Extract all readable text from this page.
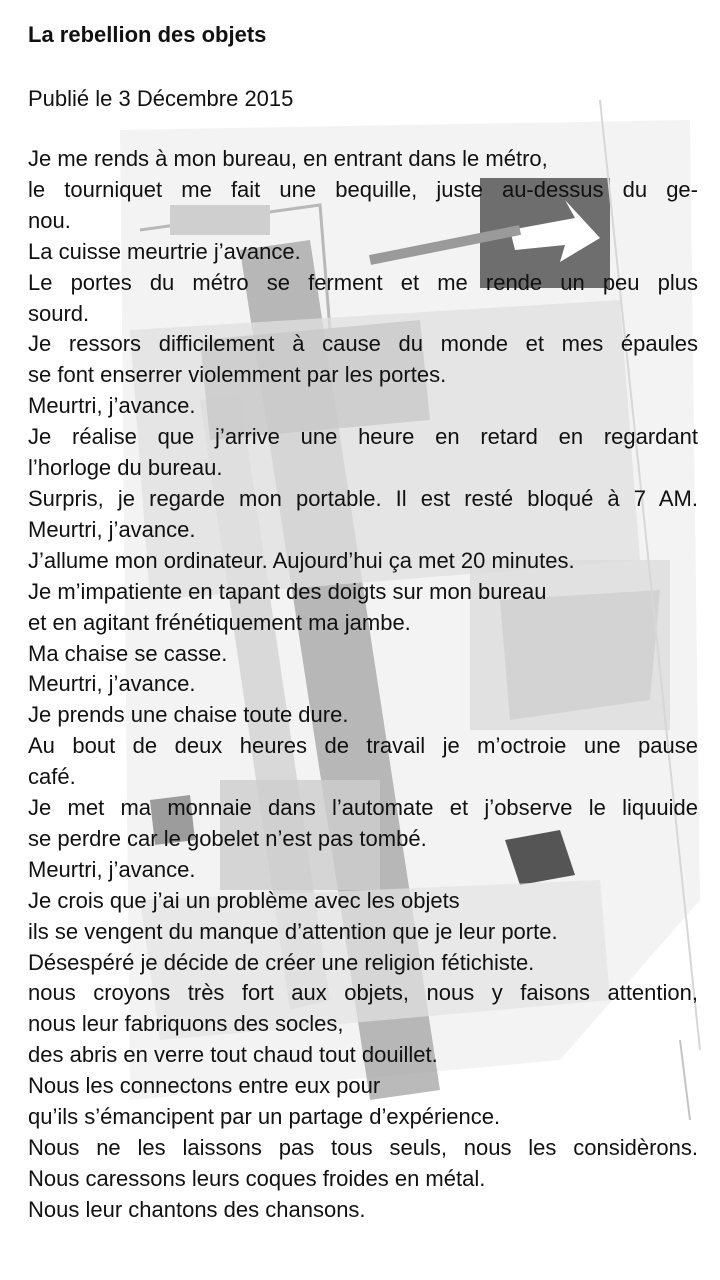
La rebellion des objets

Publié le 3 Décembre 2015

Je me rends à mon bureau, en entrant dans le métro,
le tourniquet me fait une bequille, juste au-dessus du ge-
nou.
La cuisse meurtrie j’avance.
Le portes du métro se ferment et me rende un peu plus
sourd.
Je ressors difficilement à cause du monde et mes épaules
se font enserrer violemment par les portes.
Meurtri, j’avance.
Je réalise que j’arrive une heure en retard en regardant
l’horloge du bureau.
Surpris, je regarde mon portable. Il est resté bloqué à 7 AM.
Meurtri, j’avance.
J’allume mon ordinateur. Aujourd’hui ça met 20 minutes.
Je m’impatiente en tapant des doigts sur mon bureau
et en agitant frénétiquement ma jambe.
Ma chaise se casse.
Meurtri, j’avance.
Je prends une chaise toute dure.
Au bout de deux heures de travail je m’octroie une pause
café.
Je met ma monnaie dans l’automate et j’observe le liquuide
se perdre car le gobelet n’est pas tombé.
Meurtri, j’avance.
Je crois que j’ai un problème avec les objets
ils se vengent du manque d’attention que je leur porte.
Désespéré je décide de créer une religion fétichiste.
nous croyons très fort aux objets, nous y faisons attention,
nous leur fabriquons des socles,
des abris en verre tout chaud tout douillet.
Nous les connectons entre eux pour
qu’ils s’émancipent par un partage d’expérience.
Nous ne les laissons pas tous seuls, nous les considèrons.
Nous caressons leurs coques froides en métal.
Nous leur chantons des chansons.
